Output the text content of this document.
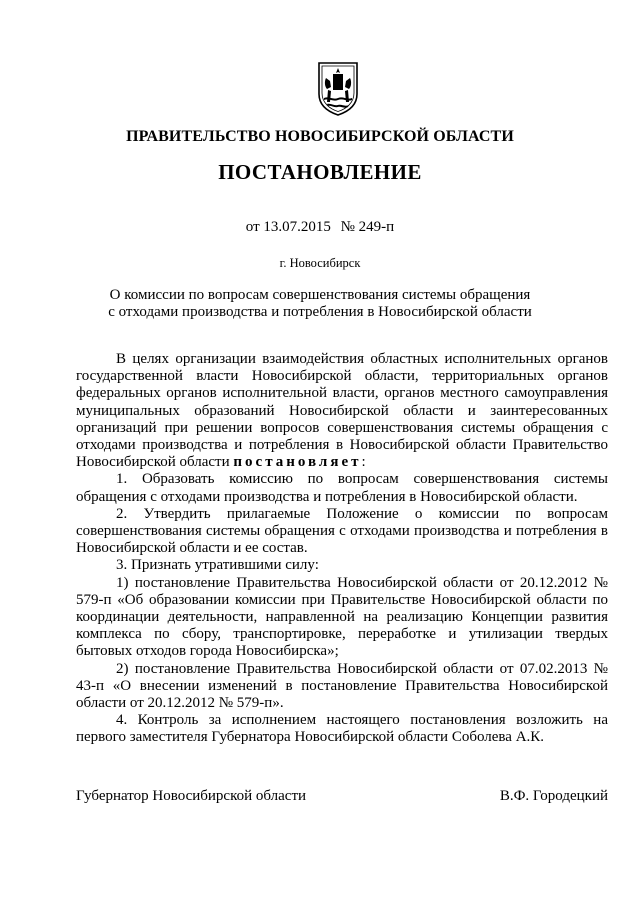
ПРАВИТЕЛЬСТВО НОВОСИБИРСКОЙ ОБЛАСТИ
ПОСТАНОВЛЕНИЕ
от 13.07.2015 № 249-п
г. Новосибирск
О комиссии по вопросам совершенствования системы обращения
с отходами производства и потребления в Новосибирской области

В целях организации взаимодействия областных исполнительных органов государственной власти Новосибирской области, территориальных органов федеральных органов исполнительной власти, органов местного самоуправления муниципальных образований Новосибирской области и заинтересованных организаций при решении вопросов совершенствования системы обращения с отходами производства и потребления в Новосибирской области Правительство Новосибирской области постановляет:

1. Образовать комиссию по вопросам совершенствования системы обращения с отходами производства и потребления в Новосибирской области.

2. Утвердить прилагаемые Положение о комиссии по вопросам совершенствования системы обращения с отходами производства и потребления в Новосибирской области и ее состав.

3. Признать утратившими силу:

1) постановление Правительства Новосибирской области от 20.12.2012 № 579-п «Об образовании комиссии при Правительстве Новосибирской области по координации деятельности, направленной на реализацию Концепции развития комплекса по сбору, транспортировке, переработке и утилизации твердых бытовых отходов города Новосибирска»;

2) постановление Правительства Новосибирской области от 07.02.2013 № 43-п «О внесении изменений в постановление Правительства Новосибирской области от 20.12.2012 № 579-п».

4. Контроль за исполнением настоящего постановления возложить на первого заместителя Губернатора Новосибирской области Соболева А.К.

Губернатор Новосибирской области	В.Ф. Городецкий
